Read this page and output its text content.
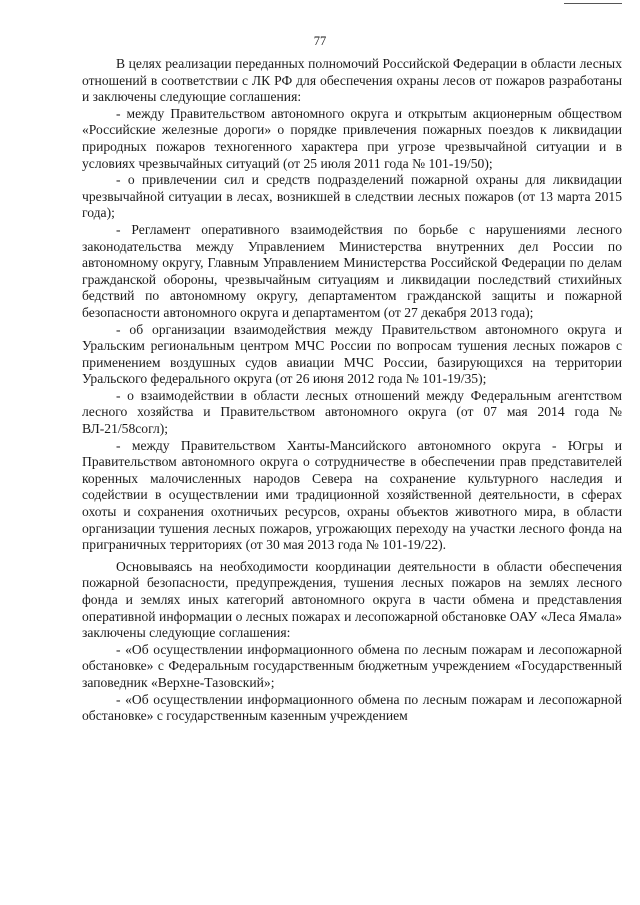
77

В целях реализации переданных полномочий Российской Федерации в области лесных отношений в соответствии с ЛК РФ для обеспечения охраны лесов от пожаров разработаны и заключены следующие соглашения:

- между Правительством автономного округа и открытым акционерным обществом «Российские железные дороги» о порядке привлечения пожарных поездов к ликвидации природных пожаров техногенного характера при угрозе чрезвычайной ситуации и в условиях чрезвычайных ситуаций (от 25 июля 2011 года № 101-19/50);

- о привлечении сил и средств подразделений пожарной охраны для ликвидации чрезвычайной ситуации в лесах, возникшей в следствии лесных пожаров (от 13 марта 2015 года);

- Регламент оперативного взаимодействия по борьбе с нарушениями лесного законодательства между Управлением Министерства внутренних дел России по автономному округу, Главным Управлением Министерства Российской Федерации по делам гражданской обороны, чрезвычайным ситуациям и ликвидации последствий стихийных бедствий по автономному округу, департаментом гражданской защиты и пожарной безопасности автономного округа и департаментом (от 27 декабря 2013 года);

- об организации взаимодействия между Правительством автономного округа и Уральским региональным центром МЧС России по вопросам тушения лесных пожаров с применением воздушных судов авиации МЧС России, базирующихся на территории Уральского федерального округа (от 26 июня 2012 года № 101-19/35);

- о взаимодействии в области лесных отношений между Федеральным агентством лесного хозяйства и Правительством автономного округа (от 07 мая 2014 года № ВЛ-21/58согл);

- между Правительством Ханты-Мансийского автономного округа - Югры и Правительством автономного округа о сотрудничестве в обеспечении прав представителей коренных малочисленных народов Севера на сохранение культурного наследия и содействии в осуществлении ими традиционной хозяйственной деятельности, в сферах охоты и сохранения охотничьих ресурсов, охраны объектов животного мира, в области организации тушения лесных пожаров, угрожающих переходу на участки лесного фонда на приграничных территориях (от 30 мая 2013 года № 101-19/22).

Основываясь на необходимости координации деятельности в области обеспечения пожарной безопасности, предупреждения, тушения лесных пожаров на землях лесного фонда и землях иных категорий автономного округа в части обмена и представления оперативной информации о лесных пожарах и лесопожарной обстановке ОАУ «Леса Ямала» заключены следующие соглашения:

- «Об осуществлении информационного обмена по лесным пожарам и лесопожарной обстановке» с Федеральным государственным бюджетным учреждением «Государственный заповедник «Верхне-Тазовский»;

- «Об осуществлении информационного обмена по лесным пожарам и лесопожарной обстановке» с государственным казенным учреждением
